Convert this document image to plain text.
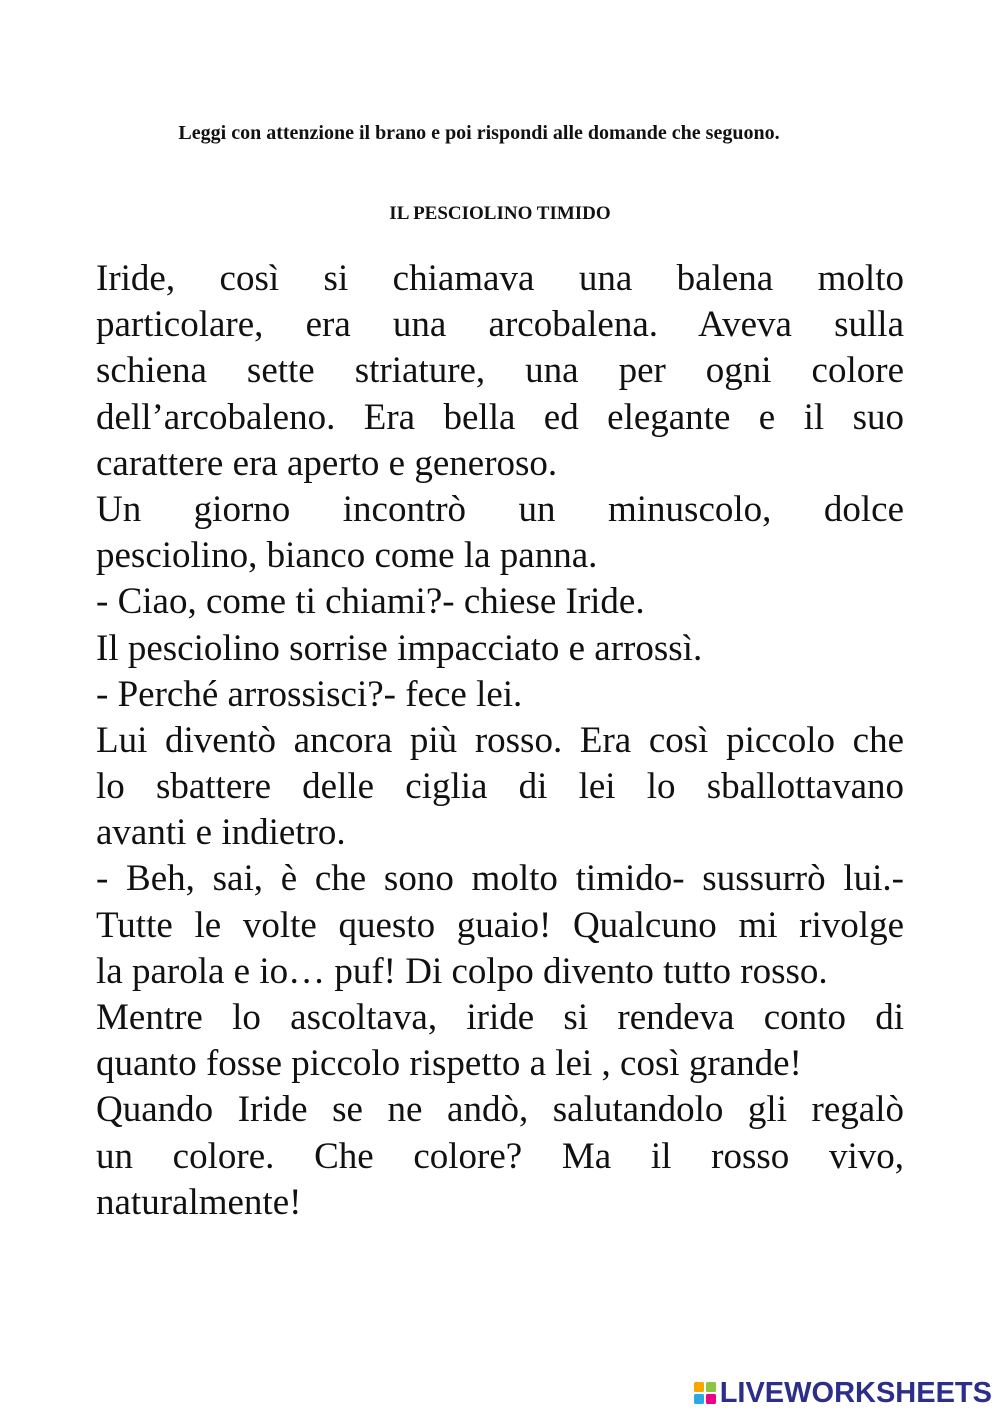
Leggi con attenzione il brano e poi rispondi alle domande che seguono.
IL PESCIOLINO TIMIDO
Iride, così si chiamava una balena molto
particolare, era una arcobalena. Aveva sulla
schiena sette striature, una per ogni colore
dell’arcobaleno. Era bella ed elegante e il suo
carattere era aperto e generoso.
Un giorno incontrò un minuscolo, dolce
pesciolino, bianco come la panna.
- Ciao, come ti chiami?- chiese Iride.
Il pesciolino sorrise impacciato e arrossì.
- Perché arrossisci?- fece lei.
Lui diventò ancora più rosso. Era così piccolo che
lo sbattere delle ciglia di lei lo sballottavano
avanti e indietro.
- Beh, sai, è che sono molto timido- sussurrò lui.-
Tutte le volte questo guaio! Qualcuno mi rivolge
la parola e io… puf! Di colpo divento tutto rosso.
Mentre lo ascoltava, iride si rendeva conto di
quanto fosse piccolo rispetto a lei , così grande!
Quando Iride se ne andò, salutandolo gli regalò
un colore. Che colore? Ma il rosso vivo,
naturalmente!
LIVEWORKSHEETS
